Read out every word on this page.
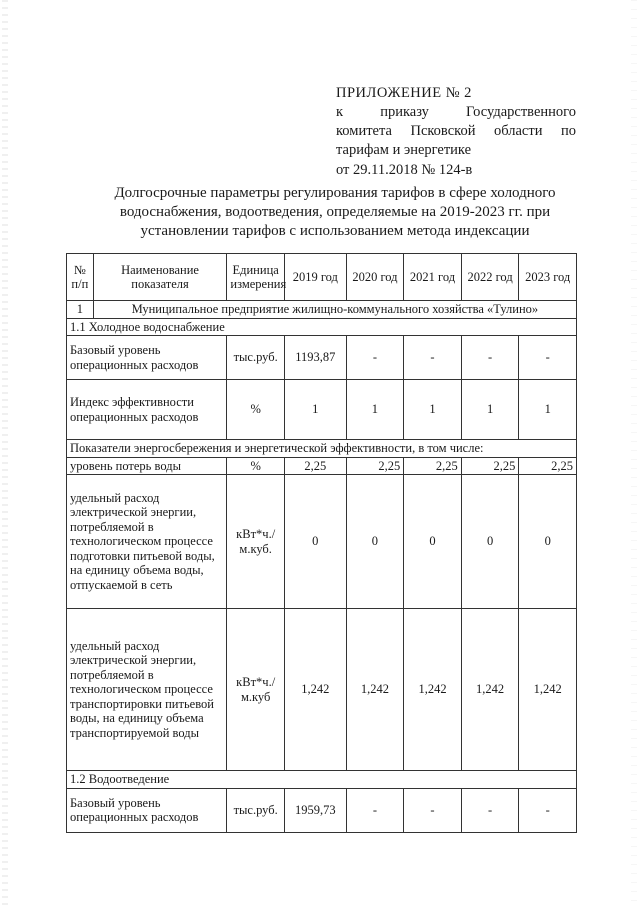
ПРИЛОЖЕНИЕ № 2
к приказу Государственного
комитета Псковской области по
тарифам и энергетике
от 29.11.2018 № 124-в
Долгосрочные параметры регулирования тарифов в сфере холодного
водоснабжения, водоотведения, определяемые на 2019-2023 гг. при
установлении тарифов с использованием метода индексации
№ п/п	Наименование показателя	Единица измерения	2019 год	2020 год	2021 год	2022 год	2023 год
1	Муниципальное предприятие жилищно-коммунального хозяйства «Тулино»						
1.1 Холодное водоснабжение							
Базовый уровень операционных расходов		тыс.руб.	1193,87	-	-	-	-
Индекс эффективности операционных расходов		%	1	1	1	1	1
Показатели энергосбережения и энергетической эффективности, в том числе:							
уровень потерь воды		%	2,25	2,25	2,25	2,25	2,25
удельный расход электрической энергии, потребляемой в технологическом процессе подготовки питьевой воды, на единицу объема воды, отпускаемой в сеть		кВт*ч./м.куб.	0	0	0	0	0
удельный расход электрической энергии, потребляемой в технологическом процессе транспортировки питьевой воды, на единицу объема транспортируемой воды		кВт*ч./м.куб	1,242	1,242	1,242	1,242	1,242
1.2 Водоотведение							
Базовый уровень операционных расходов		тыс.руб.	1959,73	-	-	-	-
